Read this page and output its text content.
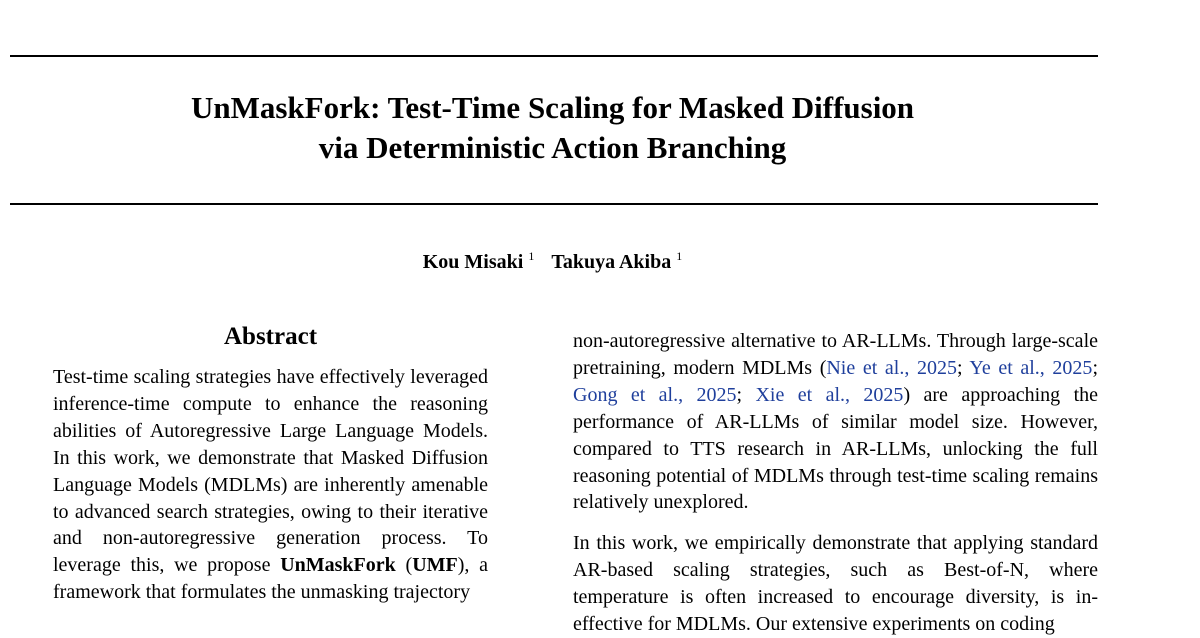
UnMaskFork: Test-Time Scaling for Masked Diffusion
via Deterministic Action Branching
Kou Misaki $^1$ Takuya Akiba $^1$
Abstract

Test-time scaling strategies have effectively leveraged inference-time compute to enhance the reasoning abilities of Autoregressive Large Language Models. In this work, we demonstrate that Masked Diffusion Language Models (MDLMs) are inherently amenable to advanced search strategies, owing to their iterative and non-autoregressive generation process. To leverage this, we propose UnMaskFork (UMF), a framework that formulates the unmasking trajectory

non-autoregressive alternative to AR-LLMs. Through large-scale pretraining, modern MDLMs (Nie et al., 2025; Ye et al., 2025; Gong et al., 2025; Xie et al., 2025) are approaching the performance of AR-LLMs of similar model size. However, compared to TTS research in AR-LLMs, unlocking the full reasoning potential of MDLMs through test-time scaling remains relatively unexplored.

In this work, we empirically demonstrate that applying standard AR-based scaling strategies, such as Best-of-N, where temperature is often increased to encourage diversity, is ineffective for MDLMs. Our extensive experiments on coding
